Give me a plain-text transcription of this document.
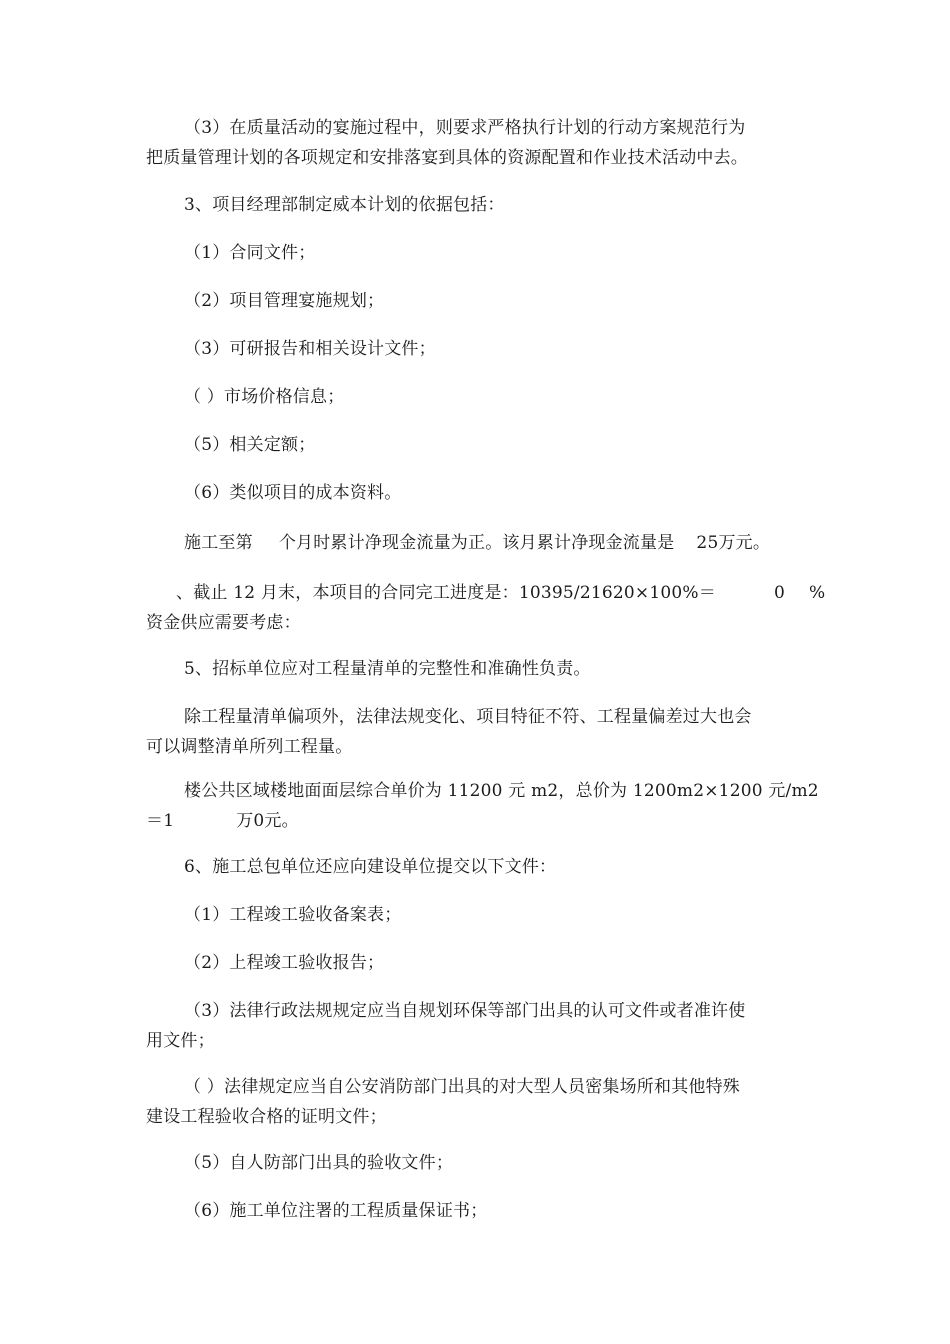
（3）在质量活动的宴施过程中，则要求严格执行计划的行动方案规范行为
把质量管理计划的各项规定和安排落宴到具体的资源配置和作业技术活动中去。
3、项目经理部制定威本计划的依据包括：
（1）合同文件；
（2）项目管理宴施规划；
（3）可研报告和相关设计文件；
（ ）市场价格信息；
（5）相关定额；
（6）类似项目的成本资料。
施工至第 个月时累计净现金流量为正。该月累计净现金流量是 25万元。
、截止 12 月末，本项目的合同完工进度是：10395/21620×100%＝	0 %
资金供应需要考虑：
5、招标单位应对工程量清单的完整性和准确性负责。
除工程量清单偏项外，法律法规变化、项目特征不符、工程量偏差过大也会
可以调整清单所列工程量。
楼公共区域楼地面面层综合单价为 11200 元 m2，总价为 1200m2×1200 元/m2
＝1	万0元。
6、施工总包单位还应向建设单位提交以下文件：
（1）工程竣工验收备案表；
（2）上程竣工验收报告；
（3）法律行政法规规定应当自规划环保等部门出具的认可文件或者准许使
用文件；
（ ）法律规定应当自公安消防部门出具的对大型人员密集场所和其他特殊
建设工程验收合格的证明文件；
（5）自人防部门出具的验收文件；
（6）施工单位注署的工程质量保证书；
